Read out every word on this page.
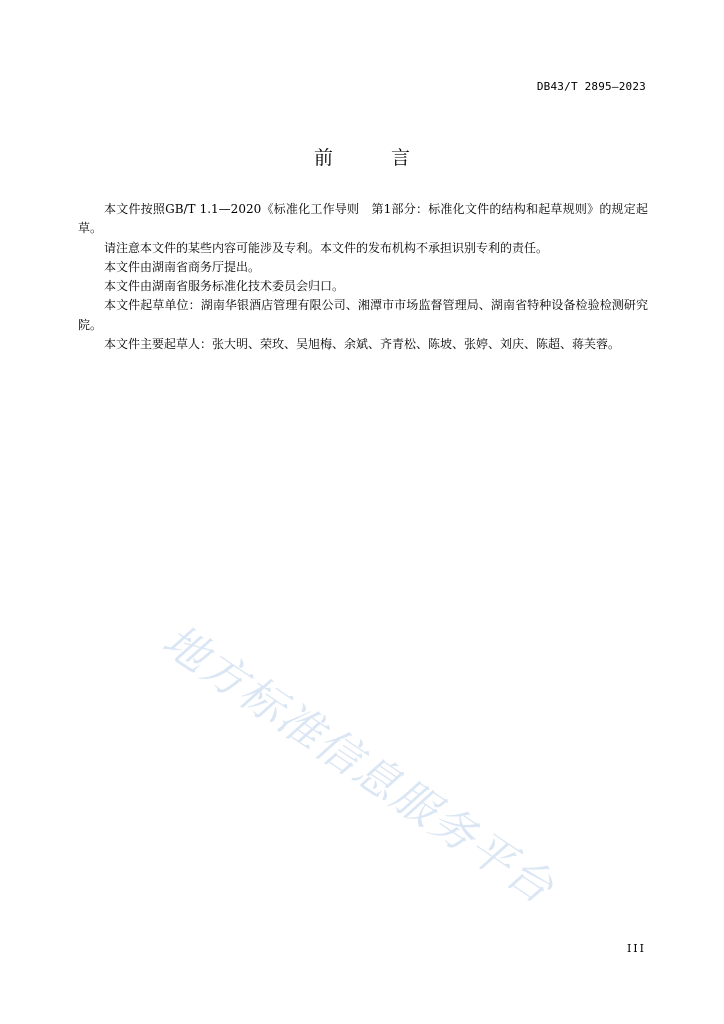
DB43/T 2895—2023
前 言

本文件按照GB/T 1.1—2020《标准化工作导则　第1部分：标准化文件的结构和起草规则》的规定起草。

请注意本文件的某些内容可能涉及专利。本文件的发布机构不承担识别专利的责任。

本文件由湖南省商务厅提出。

本文件由湖南省服务标准化技术委员会归口。

本文件起草单位：湖南华银酒店管理有限公司、湘潭市市场监督管理局、湖南省特种设备检验检测研究院。

本文件主要起草人：张大明、荣玫、吴旭梅、余斌、齐青松、陈坡、张婷、刘庆、陈超、蒋芙蓉。

地方标准信息服务平台
III
